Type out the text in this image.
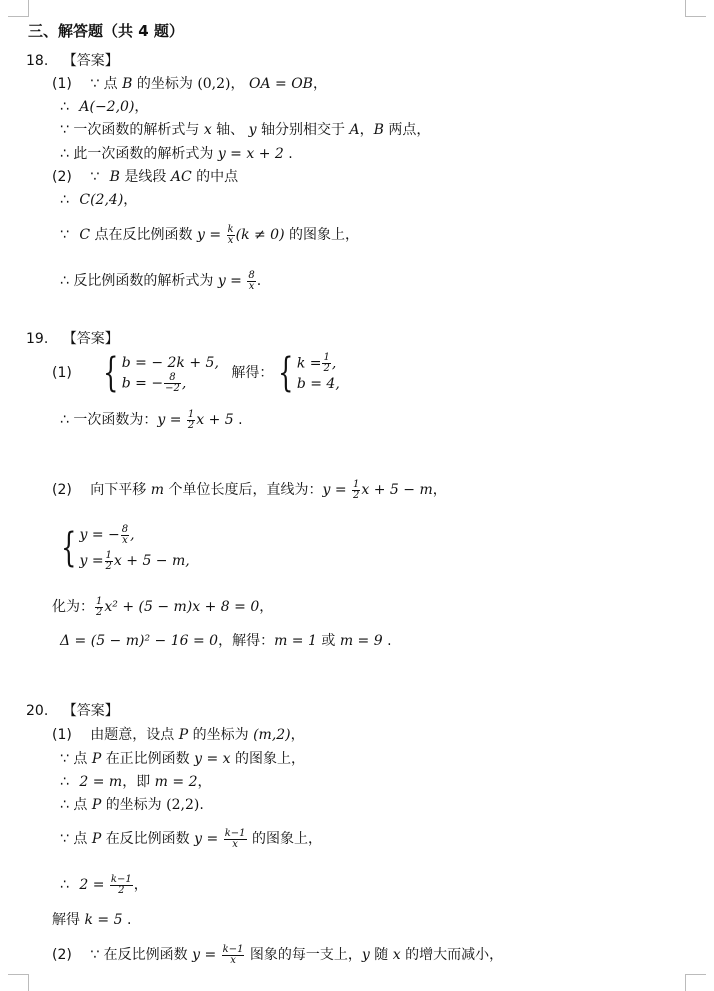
三、解答题（共 4 题）
18. 【答案】
(1) ∵ 点 B 的坐标为 (0,2)， OA = OB，
∴ A(−2,0)，
∵ 一次函数的解析式与 x 轴、 y 轴分别相交于 A，B 两点，
∴ 此一次函数的解析式为 y = x + 2 .
(2) ∵ B 是线段 AC 的中点
∴ C(2,4)，
∵ C 点在反比例函数 $y = \frac{k}{x} (k \ne 0)$ 的图象上，
∴ 反比例函数的解析式为 $y = \frac{8}{x}$ .
19. 【答案】
(1) { b = − 2k + 5,
b = − $\frac{8}{-2}$ ,
解得： { $k = \frac{1}{2}$ ,
b = 4,
∴ 一次函数为：$y = \frac{1}{2}$ x + 5 .
(2) 向下平移 m 个单位长度后，直线为：$y = \frac{1}{2}$ x + 5 − m，
{ y = − $\frac{8}{x}$ ,
$y = \frac{1}{2}$ x + 5 − m,
化为： $\frac{1}{2} x^2 + (5 - m)x + 8 = 0$，
Δ = (5 − m)² − 16 = 0，解得：m = 1 或 m = 9 .
20. 【答案】
(1) 由题意，设点 P 的坐标为 (m,2)，
∵ 点 P 在正比例函数 y = x 的图象上，
∴ 2 = m，即 m = 2，
∴ 点 P 的坐标为 (2,2).
∵ 点 P 在反比例函数 $y = \frac{k-1}{x}$ 的图象上，
∴ $2 = \frac{k-1}{2}$ ，
解得 k = 5 .
(2) ∵ 在反比例函数 $y = \frac{k-1}{x}$ 图象的每一支上，y 随 x 的增大而减小，
